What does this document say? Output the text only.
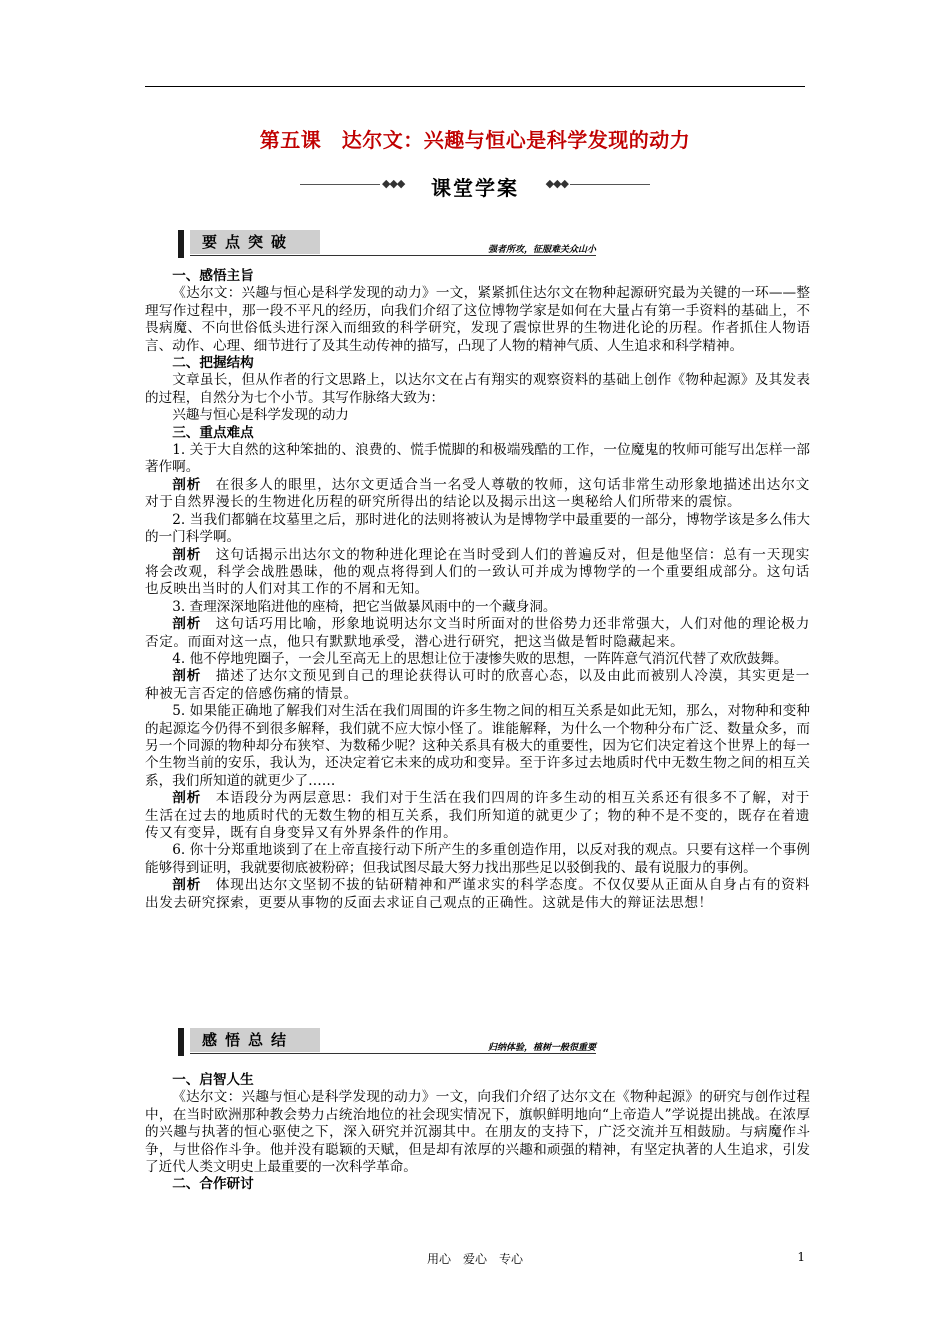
第五课　达尔文：兴趣与恒心是科学发现的动力
◆◆◆	课堂学案	◆◆◆
要点突破	强者所攻，征服难关众山小

一、感悟主旨

《达尔文：兴趣与恒心是科学发现的动力》一文，紧紧抓住达尔文在物种起源研究最为关键的一环——整理写作过程中，那一段不平凡的经历，向我们介绍了这位博物学家是如何在大量占有第一手资料的基础上，不畏病魔、不向世俗低头进行深入而细致的科学研究，发现了震惊世界的生物进化论的历程。作者抓住人物语言、动作、心理、细节进行了及其生动传神的描写，凸现了人物的精神气质、人生追求和科学精神。

二、把握结构

文章虽长，但从作者的行文思路上，以达尔文在占有翔实的观察资料的基础上创作《物种起源》及其发表的过程，自然分为七个小节。其写作脉络大致为：

兴趣与恒心是科学发现的动力

三、重点难点

1. 关于大自然的这种笨拙的、浪费的、慌手慌脚的和极端残酷的工作，一位魔鬼的牧师可能写出怎样一部著作啊。

剖析　在很多人的眼里，达尔文更适合当一名受人尊敬的牧师，这句话非常生动形象地描述出达尔文对于自然界漫长的生物进化历程的研究所得出的结论以及揭示出这一奥秘给人们所带来的震惊。

2. 当我们都躺在坟墓里之后，那时进化的法则将被认为是博物学中最重要的一部分，博物学该是多么伟大的一门科学啊。

剖析　这句话揭示出达尔文的物种进化理论在当时受到人们的普遍反对，但是他坚信：总有一天现实将会改观，科学会战胜愚昧，他的观点将得到人们的一致认可并成为博物学的一个重要组成部分。这句话也反映出当时的人们对其工作的不屑和无知。

3. 查理深深地陷进他的座椅，把它当做暴风雨中的一个藏身洞。

剖析　这句话巧用比喻，形象地说明达尔文当时所面对的世俗势力还非常强大，人们对他的理论极力否定。而面对这一点，他只有默默地承受，潜心进行研究，把这当做是暂时隐藏起来。

4. 他不停地兜圈子，一会儿至高无上的思想让位于凄惨失败的思想，一阵阵意气消沉代替了欢欣鼓舞。

剖析　描述了达尔文预见到自己的理论获得认可时的欣喜心态，以及由此而被别人冷漠，其实更是一种被无言否定的倍感伤痛的情景。

5. 如果能正确地了解我们对生活在我们周围的许多生物之间的相互关系是如此无知，那么，对物种和变种的起源迄今仍得不到很多解释，我们就不应大惊小怪了。谁能解释，为什么一个物种分布广泛、数量众多，而另一个同源的物种却分布狭窄、为数稀少呢？这种关系具有极大的重要性，因为它们决定着这个世界上的每一个生物当前的安乐，我认为，还决定着它未来的成功和变异。至于许多过去地质时代中无数生物之间的相互关系，我们所知道的就更少了……

剖析　本语段分为两层意思：我们对于生活在我们四周的许多生动的相互关系还有很多不了解，对于生活在过去的地质时代的无数生物的相互关系，我们所知道的就更少了；物的种不是不变的，既存在着遗传又有变异，既有自身变异又有外界条件的作用。

6. 你十分郑重地谈到了在上帝直接行动下所产生的多重创造作用，以反对我的观点。只要有这样一个事例能够得到证明，我就要彻底被粉碎；但我试图尽最大努力找出那些足以驳倒我的、最有说服力的事例。

剖析　体现出达尔文坚韧不拔的钻研精神和严谨求实的科学态度。不仅仅要从正面从自身占有的资料出发去研究探索，更要从事物的反面去求证自己观点的正确性。这就是伟大的辩证法思想！

感悟总结	归纳体验，植树一般很重要

一、启智人生

《达尔文：兴趣与恒心是科学发现的动力》一文，向我们介绍了达尔文在《物种起源》的研究与创作过程中，在当时欧洲那种教会势力占统治地位的社会现实情况下，旗帜鲜明地向“上帝造人”学说提出挑战。在浓厚的兴趣与执著的恒心驱使之下，深入研究并沉溺其中。在朋友的支持下，广泛交流并互相鼓励。与病魔作斗争，与世俗作斗争。他并没有聪颖的天赋，但是却有浓厚的兴趣和顽强的精神，有坚定执著的人生追求，引发了近代人类文明史上最重要的一次科学革命。

二、合作研讨

用心　爱心　专心	1
